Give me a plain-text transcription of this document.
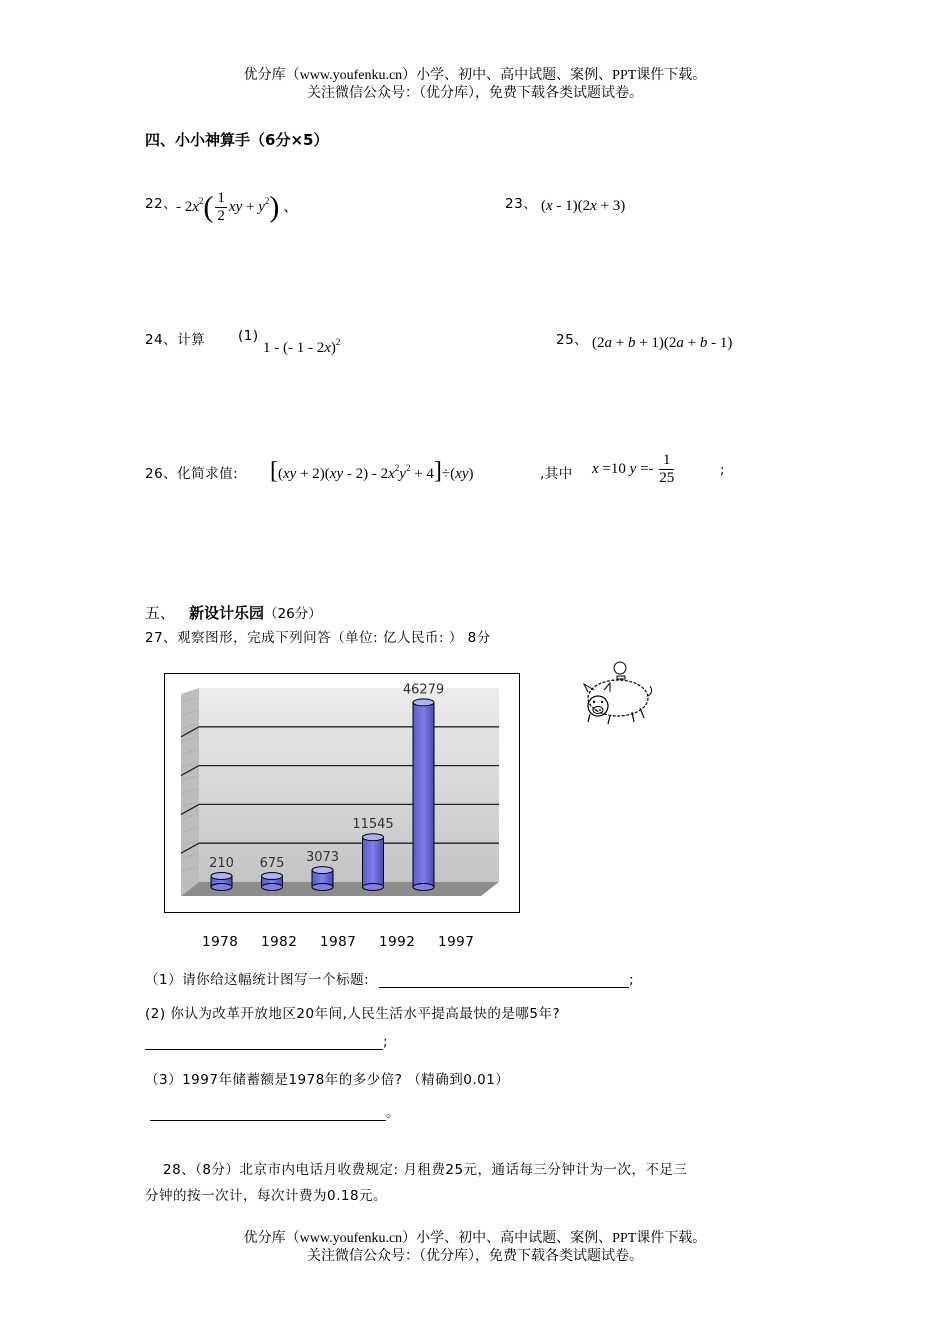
优分库（www.youfenku.cn）小学、初中、高中试题、案例、PPT课件下载。
关注微信公众号：（优分库），免费下载各类试题试卷。
四、小小神算手（6分×5）
22、
- $2x^2( \frac{1}{2}$ xy + $y^2$) 、	23、 (x - 1)(2x + 3)
24、计算 (1)
1 - (- 1 - 2x)$^2$	25、 (2a + b + 1)(2a + b - 1)
26、化简求值: $[(xy + 2)(xy - 2) - 2x^2y^2 + 4]\div(xy)$	,其中 x =10 $y =- \frac{1}{25}$	;
五、 新设计乐园（26分）
27、观察图形，完成下列问答（单位: 亿人民币: ） 8分
210 675 3073
11545
46279
1978 1982 1987 1992 1997
（1）请你给这幅统计图写一个标题:	;
(2) 你认为改革开放地区20年间,人民生活水平提高最快的是哪5年?
;
（3）1997年储蓄额是1978年的多少倍? （精确到0.01）
。
28、（8分）北京市内电话月收费规定: 月租费25元，通话每三分钟计为一次，不足三
分钟的按一次计，每次计费为0.18元。
优分库（www.youfenku.cn）小学、初中、高中试题、案例、PPT课件下载。
关注微信公众号：（优分库），免费下载各类试题试卷。
